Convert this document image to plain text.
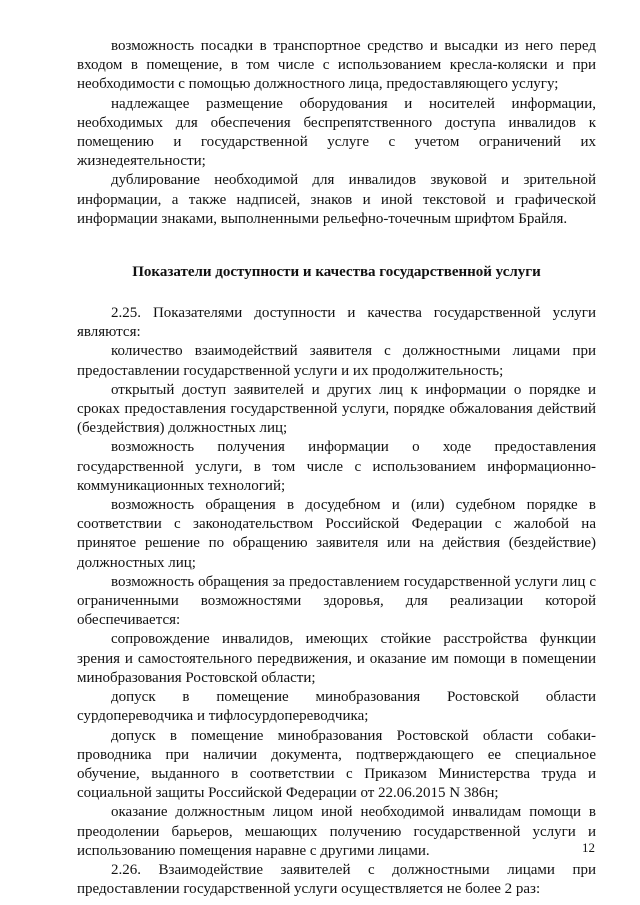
возможность посадки в транспортное средство и высадки из него перед входом в помещение, в том числе с использованием кресла-коляски и при необходимости с помощью должностного лица, предоставляющего услугу;

надлежащее размещение оборудования и носителей информации, необходимых для обеспечения беспрепятственного доступа инвалидов к помещению и государственной услуге с учетом ограничений их жизнедеятельности;

дублирование необходимой для инвалидов звуковой и зрительной информации, а также надписей, знаков и иной текстовой и графической информации знаками, выполненными рельефно-точечным шрифтом Брайля.

Показатели доступности и качества государственной услуги

2.25. Показателями доступности и качества государственной услуги являются:

количество взаимодействий заявителя с должностными лицами при предоставлении государственной услуги и их продолжительность;

открытый доступ заявителей и других лиц к информации о порядке и сроках предоставления государственной услуги, порядке обжалования действий (бездействия) должностных лиц;

возможность получения информации о ходе предоставления государственной услуги, в том числе с использованием информационно-коммуникационных технологий;

возможность обращения в досудебном и (или) судебном порядке в соответствии с законодательством Российской Федерации с жалобой на принятое решение по обращению заявителя или на действия (бездействие) должностных лиц;

возможность обращения за предоставлением государственной услуги лиц с ограниченными возможностями здоровья, для реализации которой обеспечивается:

сопровождение инвалидов, имеющих стойкие расстройства функции зрения и самостоятельного передвижения, и оказание им помощи в помещении минобразования Ростовской области;

допуск в помещение минобразования Ростовской области сурдопереводчика и тифлосурдопереводчика;

допуск в помещение минобразования Ростовской области собаки-проводника при наличии документа, подтверждающего ее специальное обучение, выданного в соответствии с Приказом Министерства труда и социальной защиты Российской Федерации от 22.06.2015 N 386н;

оказание должностным лицом иной необходимой инвалидам помощи в преодолении барьеров, мешающих получению государственной услуги и использованию помещения наравне с другими лицами.

2.26. Взаимодействие заявителей с должностными лицами при предоставлении государственной услуги осуществляется не более 2 раз:

12
